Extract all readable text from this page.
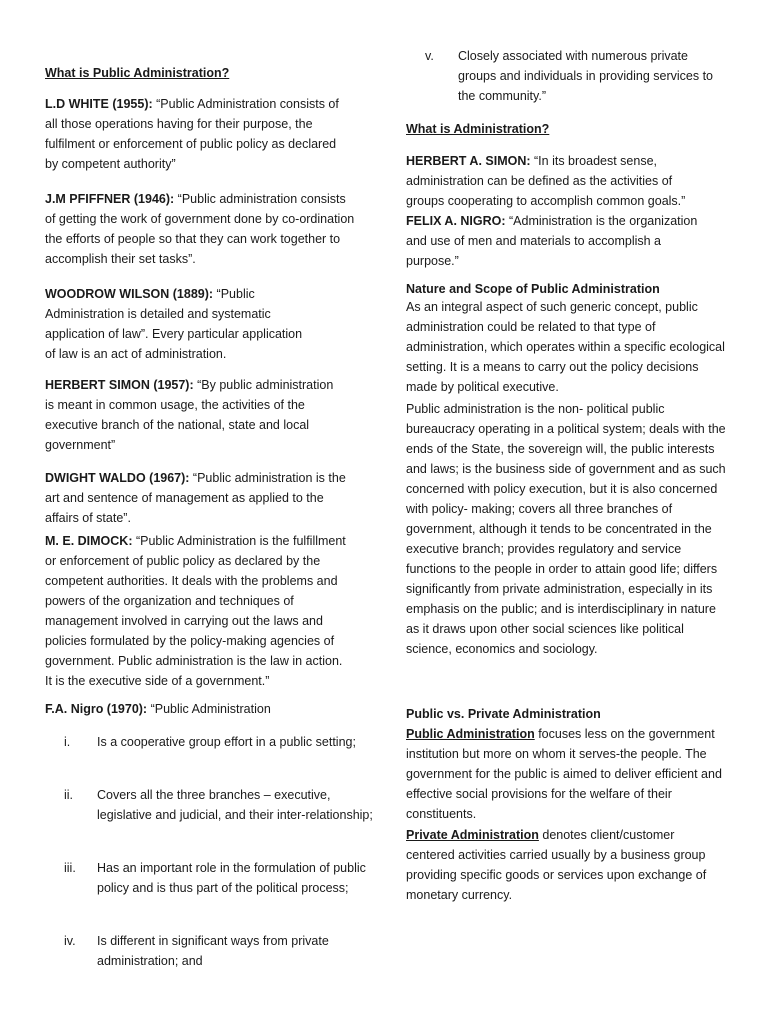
What is Public Administration?

L.D WHITE (1955): “Public Administration consists of all those operations having for their purpose, the fulfilment or enforcement of public policy as declared by competent authority”

J.M PFIFFNER (1946): “Public administration consists of getting the work of government done by co-ordination the efforts of people so that they can work together to accomplish their set tasks”.

WOODROW WILSON (1889): “Public Administration is detailed and systematic application of law”. Every particular application of law is an act of administration.

HERBERT SIMON (1957): “By public administration is meant in common usage, the activities of the executive branch of the national, state and local government”

DWIGHT WALDO (1967): “Public administration is the art and sentence of management as applied to the affairs of state”.

M. E. DIMOCK: “Public Administration is the fulfillment or enforcement of public policy as declared by the competent authorities. It deals with the problems and powers of the organization and techniques of management involved in carrying out the laws and policies formulated by the policy-making agencies of government. Public administration is the law in action. It is the executive side of a government.”

F.A. Nigro (1970): “Public Administration

i. Is a cooperative group effort in a public setting;
ii. Covers all the three branches – executive, legislative and judicial, and their inter-relationship;
iii. Has an important role in the formulation of public policy and is thus part of the political process;
iv. Is different in significant ways from private administration; and
v. Closely associated with numerous private groups and individuals in providing services to the community.”

What is Administration?

HERBERT A. SIMON: “In its broadest sense, administration can be defined as the activities of groups cooperating to accomplish common goals.”

FELIX A. NIGRO: “Administration is the organization and use of men and materials to accomplish a purpose.”

Nature and Scope of Public Administration

As an integral aspect of such generic concept, public administration could be related to that type of administration, which operates within a specific ecological setting. It is a means to carry out the policy decisions made by political executive.

Public administration is the non- political public bureaucracy operating in a political system; deals with the ends of the State, the sovereign will, the public interests and laws; is the business side of government and as such concerned with policy execution, but it is also concerned with policy- making; covers all three branches of government, although it tends to be concentrated in the executive branch; provides regulatory and service functions to the people in order to attain good life; differs significantly from private administration, especially in its emphasis on the public; and is interdisciplinary in nature as it draws upon other social sciences like political science, economics and sociology.

Public vs. Private Administration

Public Administration focuses less on the government institution but more on whom it serves-the people. The government for the public is aimed to deliver efficient and effective social provisions for the welfare of their constituents.

Private Administration denotes client/customer centered activities carried usually by a business group providing specific goods or services upon exchange of monetary currency.
